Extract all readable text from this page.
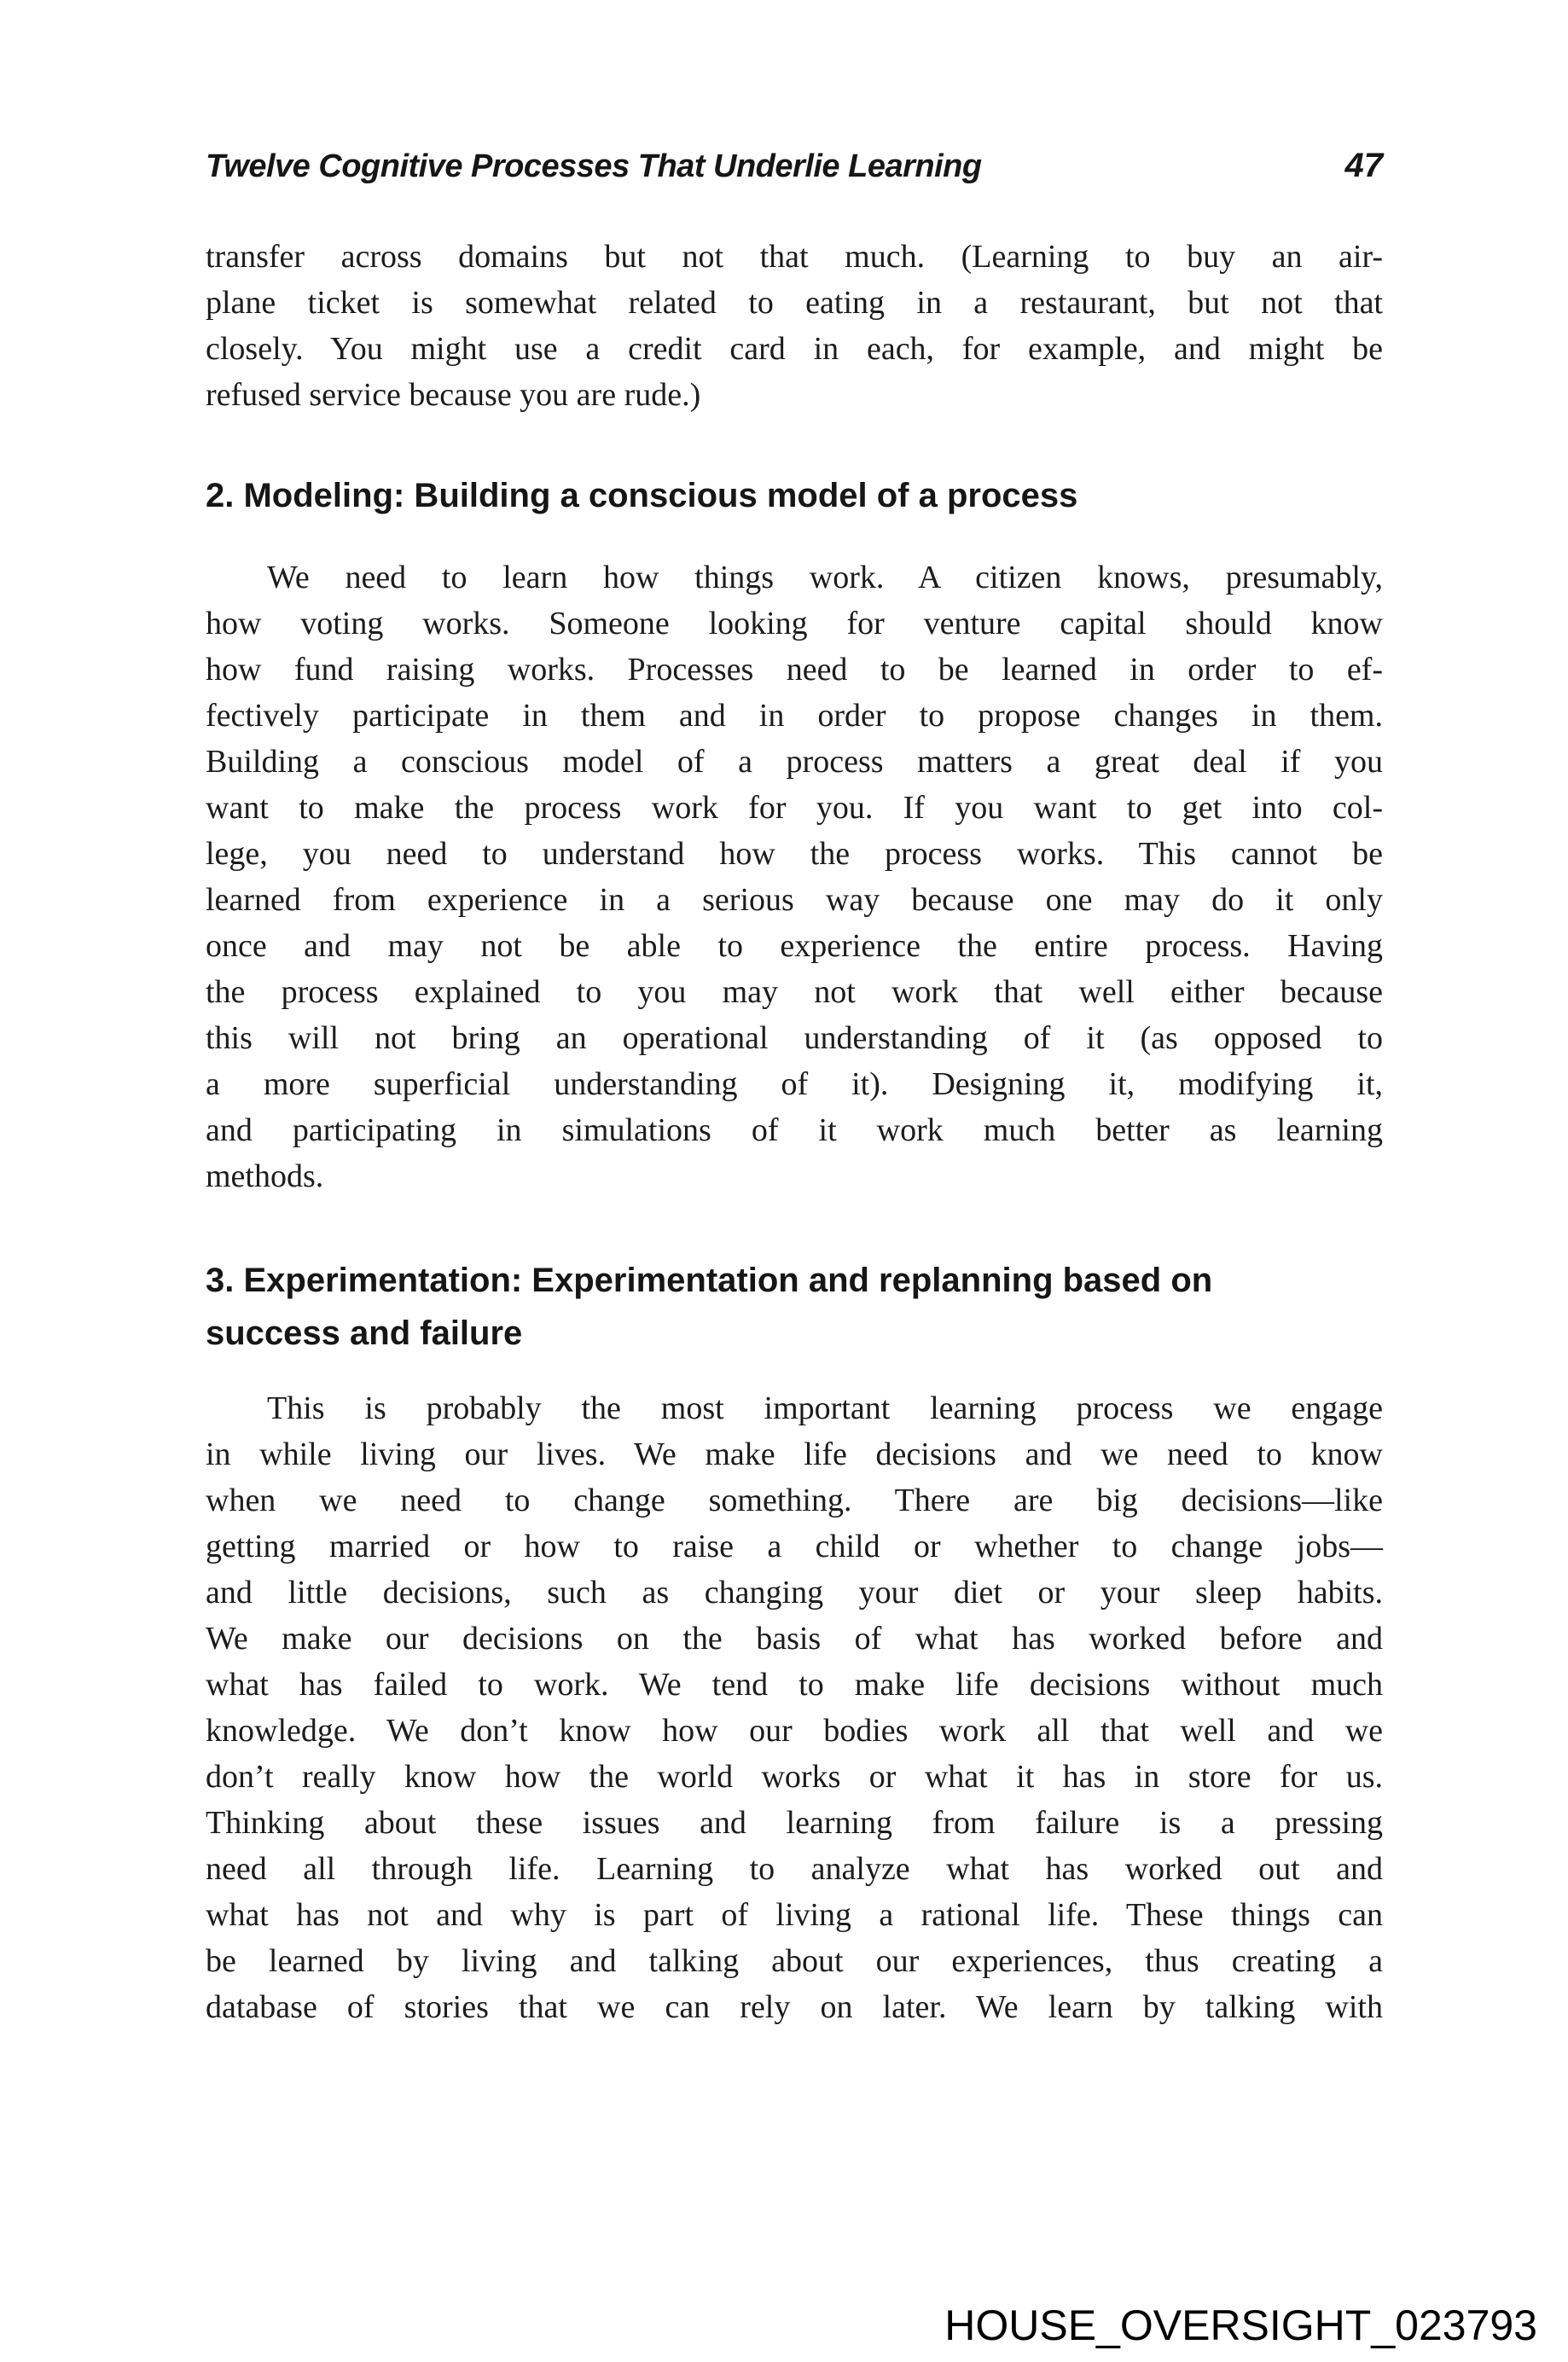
Twelve Cognitive Processes That Underlie Learning	47
transfer across domains but not that much. (Learning to buy an air-
plane ticket is somewhat related to eating in a restaurant, but not that
closely. You might use a credit card in each, for example, and might be
refused service because you are rude.)
2. Modeling: Building a conscious model of a process
We need to learn how things work. A citizen knows, presumably,
how voting works. Someone looking for venture capital should know
how fund raising works. Processes need to be learned in order to ef-
fectively participate in them and in order to propose changes in them.
Building a conscious model of a process matters a great deal if you
want to make the process work for you. If you want to get into col-
lege, you need to understand how the process works. This cannot be
learned from experience in a serious way because one may do it only
once and may not be able to experience the entire process. Having
the process explained to you may not work that well either because
this will not bring an operational understanding of it (as opposed to
a more superficial understanding of it). Designing it, modifying it,
and participating in simulations of it work much better as learning
methods.
3. Experimentation: Experimentation and replanning based on
success and failure
This is probably the most important learning process we engage
in while living our lives. We make life decisions and we need to know
when we need to change something. There are big decisions—like
getting married or how to raise a child or whether to change jobs—
and little decisions, such as changing your diet or your sleep habits.
We make our decisions on the basis of what has worked before and
what has failed to work. We tend to make life decisions without much
knowledge. We don’t know how our bodies work all that well and we
don’t really know how the world works or what it has in store for us.
Thinking about these issues and learning from failure is a pressing
need all through life. Learning to analyze what has worked out and
what has not and why is part of living a rational life. These things can
be learned by living and talking about our experiences, thus creating a
database of stories that we can rely on later. We learn by talking with
HOUSE_OVERSIGHT_023793
